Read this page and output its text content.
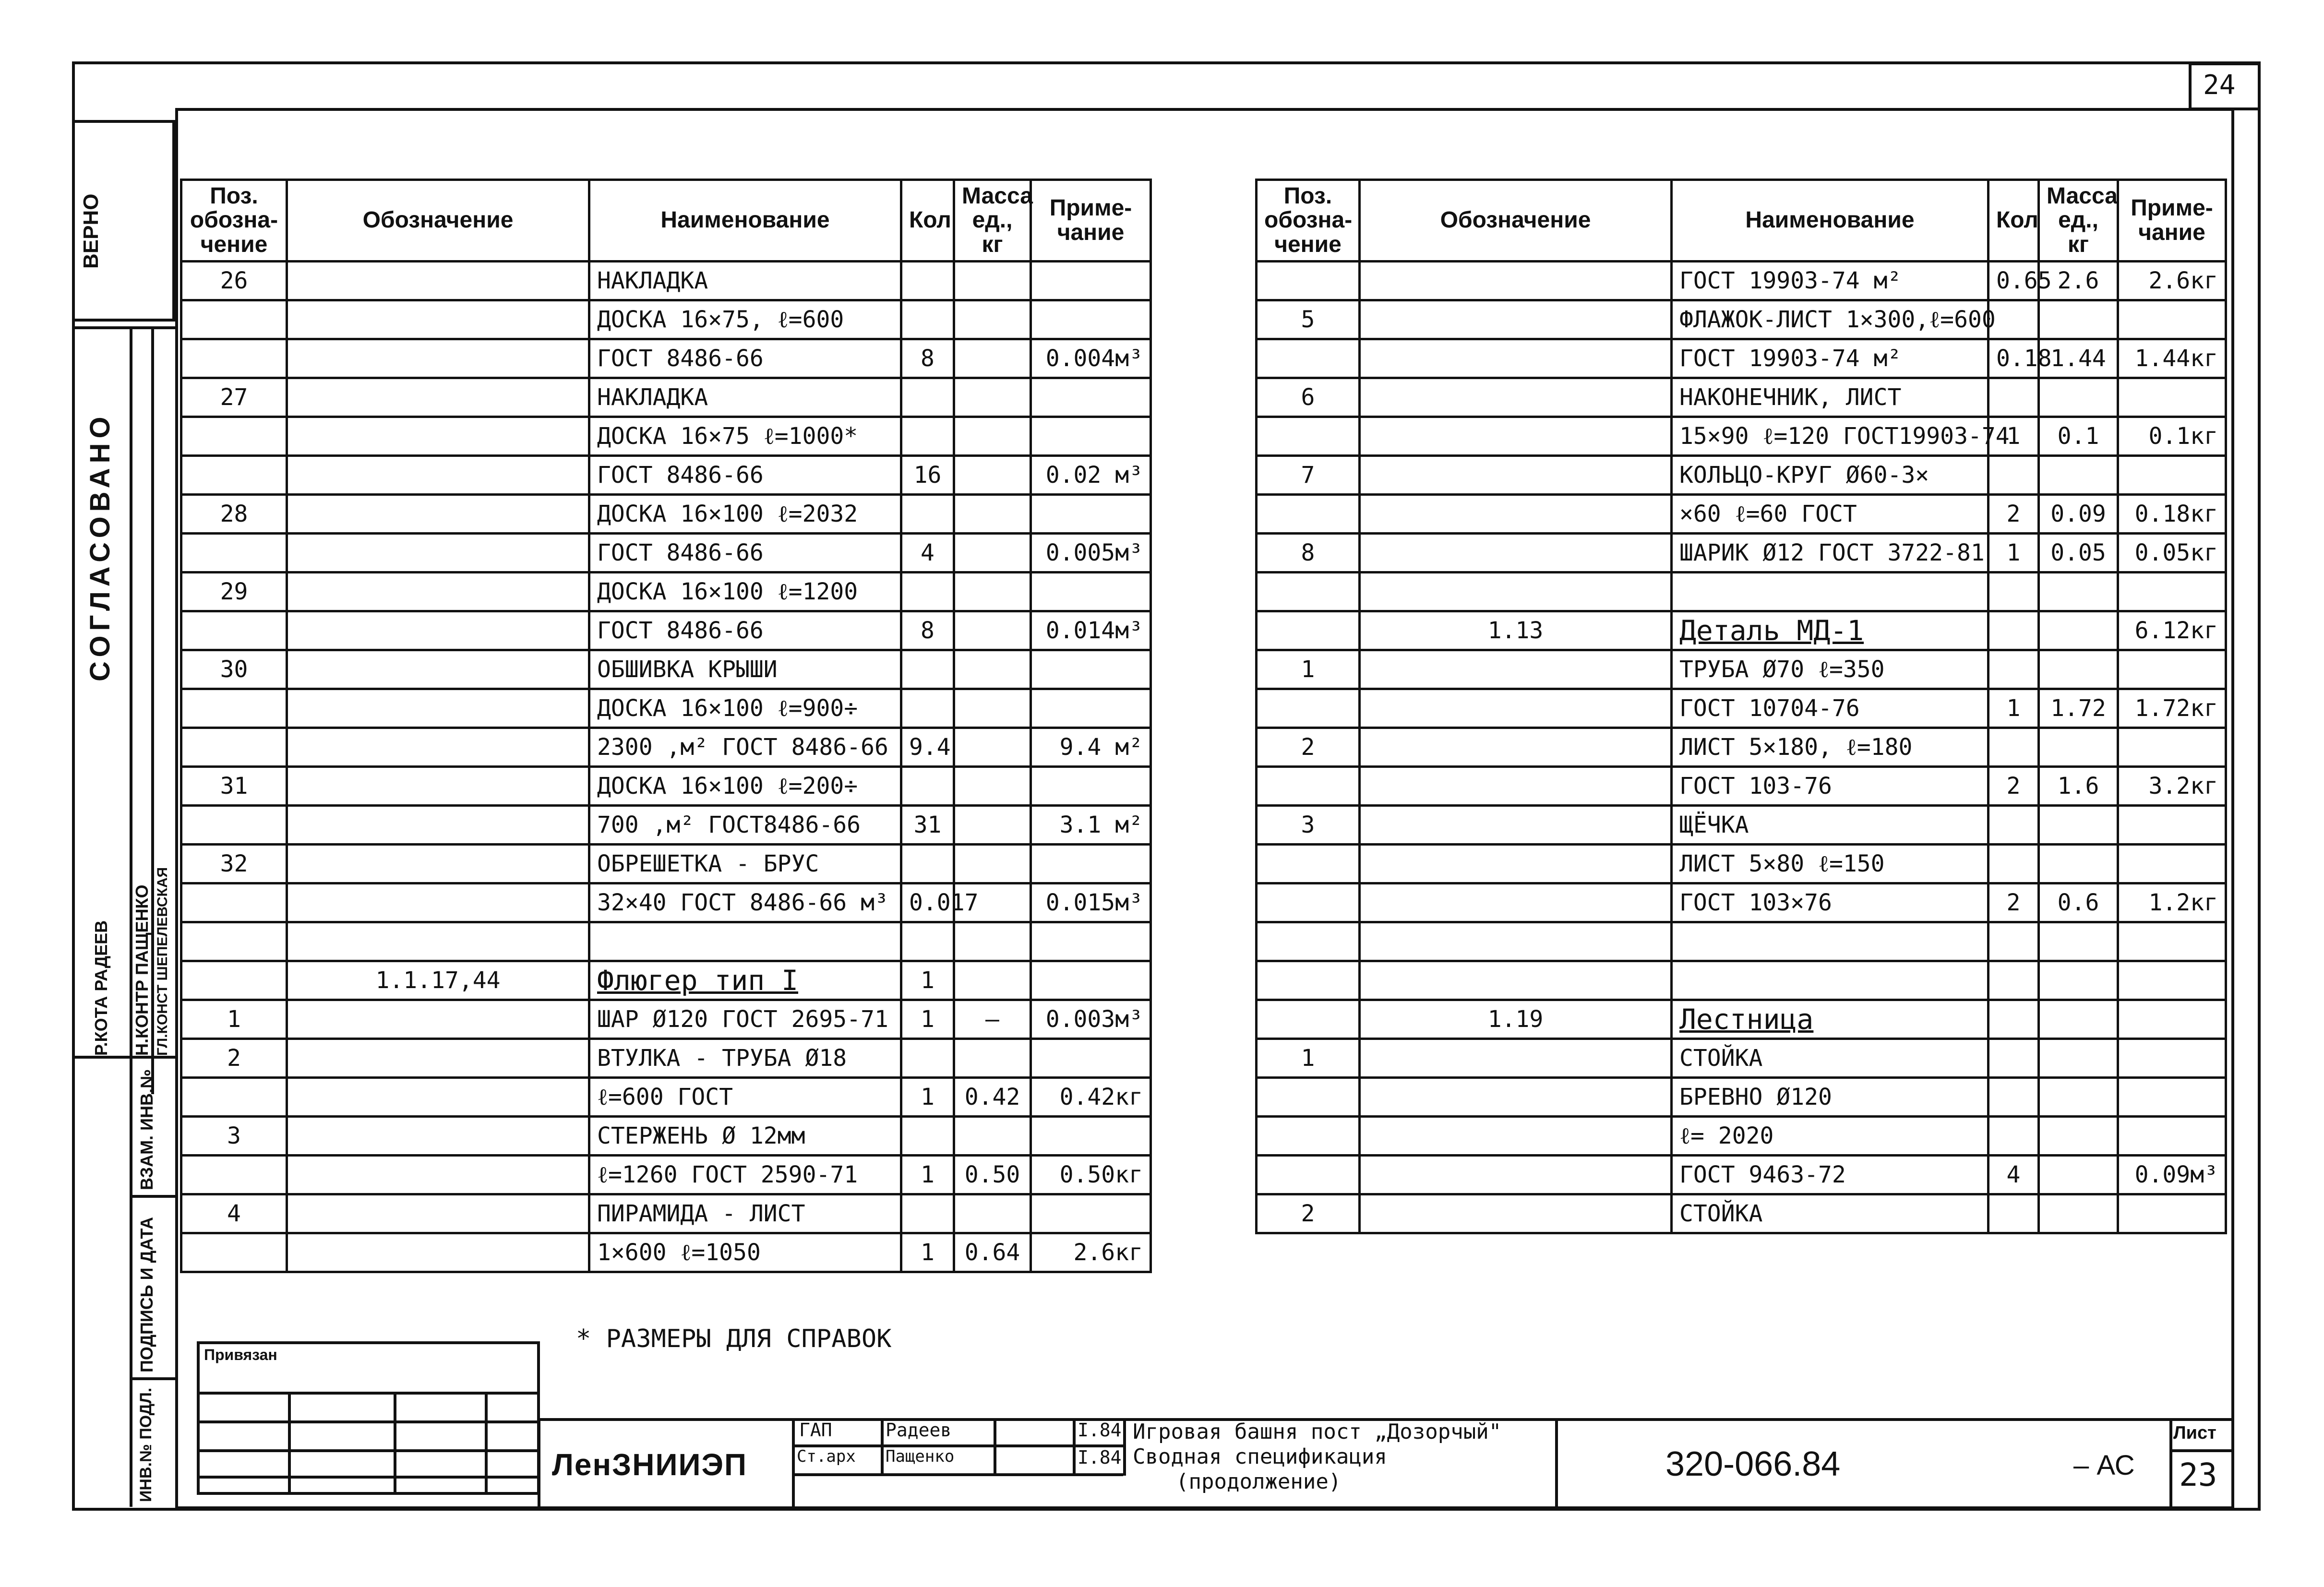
24
ВЕРНО
СОГЛАСОВАНО
Р.КОТА РАДЕЕВ Н.КОНТР ПАЩЕНКО ГЛ.КОНСТ ШЕПЕЛЕВСКАЯ
ВЗАМ. ИНВ.№
ПОДПИСЬ И ДАТА
ИНВ.№ ПОДЛ.
Поз. обозна- чение	Обозначение	Наименование	Кол	Масса ед., кг	Приме- чание
26		НАКЛАДКА			
		ДОСКА 16×75, ℓ=600			
		ГОСТ 8486-66	8		0.004м³
27		НАКЛАДКА			
		ДОСКА 16×75 ℓ=1000*			
		ГОСТ 8486-66	16		0.02 м³
28		ДОСКА 16×100 ℓ=2032			
		ГОСТ 8486-66	4		0.005м³
29		ДОСКА 16×100 ℓ=1200			
		ГОСТ 8486-66	8		0.014м³
30		ОБШИВКА КРЫШИ			
		ДОСКА 16×100 ℓ=900÷			
		2300 ,м² ГОСТ 8486-66	9.4		9.4 м²
31		ДОСКА 16×100 ℓ=200÷			
		700 ,м² ГОСТ8486-66	31		3.1 м²
32		ОБРЕШЕТКА - БРУС			
		32×40 ГОСТ 8486-66 м³	0.017		0.015м³

	1.1.17,44	Флюгер тип I	1		
1		ШАР Ø120 ГОСТ 2695-71	1	–	0.003м³
2		ВТУЛКА - ТРУБА Ø18			
		ℓ=600 ГОСТ	1	0.42	0.42кг
3		СТЕРЖЕНЬ Ø 12мм			
		ℓ=1260 ГОСТ 2590-71	1	0.50	0.50кг
4		ПИРАМИДА - ЛИСТ			
		1×600 ℓ=1050	1	0.64	2.6кг
Поз. обозна- чение	Обозначение	Наименование	Кол	Масса ед., кг	Приме- чание
		ГОСТ 19903-74 м²	0.65	2.6	2.6кг
5		ФЛАЖОК-ЛИСТ 1×300,ℓ=600			
		ГОСТ 19903-74 м²	0.18	1.44	1.44кг
6		НАКОНЕЧНИК, ЛИСТ			
		15×90 ℓ=120 ГОСТ19903-74	1	0.1	0.1кг
7		КОЛЬЦО-КРУГ Ø60-3×			
		×60 ℓ=60 ГОСТ	2	0.09	0.18кг
8		ШАРИК Ø12 ГОСТ 3722-81	1	0.05	0.05кг

	1.13	Деталь МД-1			6.12кг
1		ТРУБА Ø70 ℓ=350			
		ГОСТ 10704-76	1	1.72	1.72кг
2		ЛИСТ 5×180, ℓ=180			
		ГОСТ 103-76	2	1.6	3.2кг
3		ЩЁЧКА			
		ЛИСТ 5×80 ℓ=150			
		ГОСТ 103×76	2	0.6	1.2кг

	1.19	Лестница			
1		СТОЙКА			
		БРЕВНО Ø120			
		ℓ= 2020			
		ГОСТ 9463-72	4		0.09м³
2		СТОЙКА			
* РАЗМЕРЫ ДЛЯ СПРАВОК
Привязан
ЛенЗНИИЭП
ГАП	Радеев	I.84
Ст.арх Пащенко	I.84
Игровая башня пост „Дозорчый"
Сводная спецификация
(продолжение)	320-066.84	– АС
Лист
23
